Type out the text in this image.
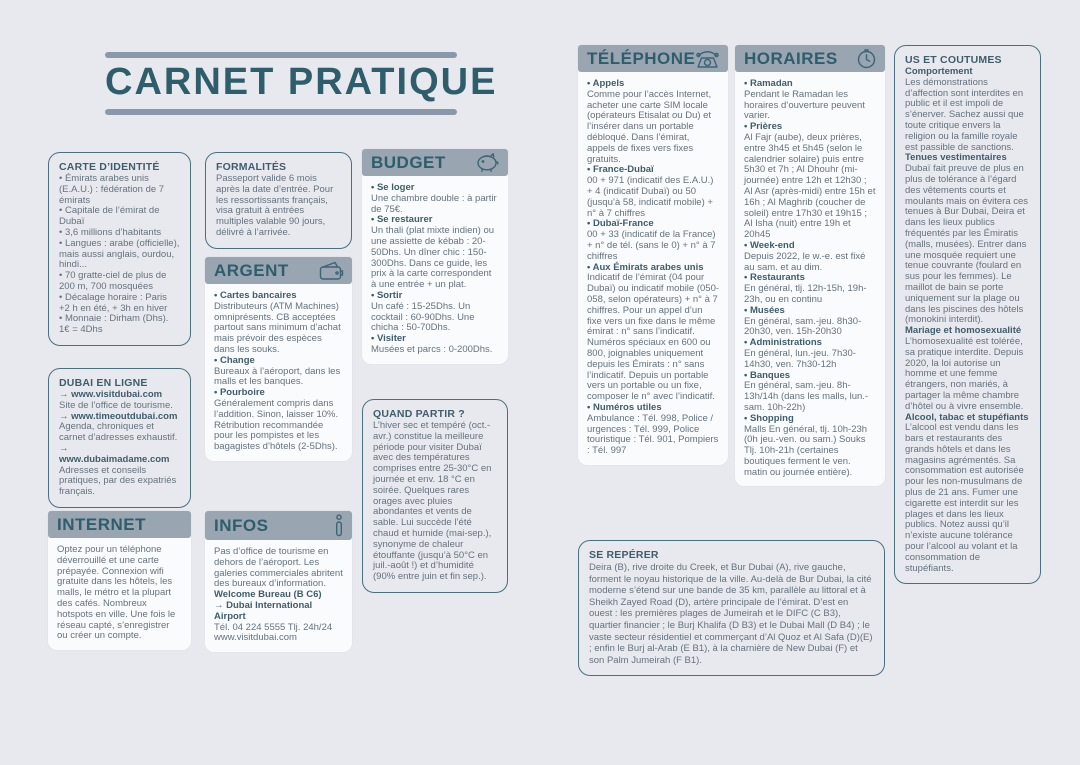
CARNET PRATIQUE
CARTE D’IDENTITÉ

• Émirats arabes unis (E.A.U.) : fédération de 7 émirats

• Capitale de l’émirat de Dubaï

• 3,6 millions d’habitants

• Langues : arabe (officielle), mais aussi anglais, ourdou, hindi...

• 70 gratte-ciel de plus de 200 m, 700 mosquées

• Décalage horaire : Paris +2 h en été, + 3h en hiver

• Monnaie : Dirham (Dhs). 1€ = 4Dhs

DUBAI EN LIGNE

→ www.visitdubai.com

Site de l’office de tourisme.

→ www.timeoutdubai.com

Agenda, chroniques et carnet d’adresses exhaustif.

→ www.dubaimadame.com

Adresses et conseils pratiques, par des expatriés français.

INTERNET

Optez pour un téléphone déverrouillé et une carte prépayée. Connexion wifi gratuite dans les hôtels, les malls, le métro et la plupart des cafés. Nombreux hotspots en ville. Une fois le réseau capté, s’enregistrer ou créer un compte.

FORMALITÉS

Passeport valide 6 mois après la date d’entrée. Pour les ressortissants français, visa gratuit à entrées multiples valable 90 jours, délivré à l’arrivée.

ARGENT

• Cartes bancaires

Distributeurs (ATM Machines) omniprésents. CB acceptées partout sans minimum d’achat mais prévoir des espèces dans les souks.

• Change

Bureaux à l’aéroport, dans les malls et les banques.

• Pourboire

Généralement compris dans l’addition. Sinon, laisser 10%. Rétribution recommandée pour les pompistes et les bagagistes d’hôtels (2-5Dhs).

INFOS

Pas d’office de tourisme en dehors de l’aéroport. Les galeries commerciales abritent des bureaux d’information.

Welcome Bureau (B C6)

→ Dubai International Airport

Tél. 04 224 5555 Tlj. 24h/24

www.visitdubai.com

BUDGET

• Se loger

Une chambre double : à partir de 75€.

• Se restaurer

Un thali (plat mixte indien) ou une assiette de kébab : 20-50Dhs. Un dîner chic : 150-300Dhs. Dans ce guide, les prix à la carte correspondent à une entrée + un plat.

• Sortir

Un café : 15-25Dhs. Un cocktail : 60-90Dhs. Une chicha : 50-70Dhs.

• Visiter

Musées et parcs : 0-200Dhs.

QUAND PARTIR ?

L’hiver sec et tempéré (oct.-avr.) constitue la meilleure période pour visiter Dubaï avec des températures comprises entre 25-30°C en journée et env. 18 °C en soirée. Quelques rares orages avec pluies abondantes et vents de sable. Lui succède l’été chaud et humide (mai-sep.), synonyme de chaleur étouffante (jusqu’à 50°C en juil.-août !) et d’humidité (90% entre juin et fin sep.).

TÉLÉPHONE

• Appels

Comme pour l’accès Internet, acheter une carte SIM locale (opérateurs Etisalat ou Du) et l’insérer dans un portable débloqué. Dans l’émirat, appels de fixes vers fixes gratuits.

• France-Dubaï

00 + 971 (indicatif des E.A.U.) + 4 (indicatif Dubaï) ou 50 (jusqu’à 58, indicatif mobile) + n° à 7 chiffres

• Dubaï-France

00 + 33 (indicatif de la France) + n° de tél. (sans le 0) + n° à 7 chiffres

• Aux Émirats arabes unis

Indicatif de l’émirat (04 pour Dubaï) ou indicatif mobile (050-058, selon opérateurs) + n° à 7 chiffres. Pour un appel d’un fixe vers un fixe dans le même émirat : n° sans l’indicatif. Numéros spéciaux en 600 ou 800, joignables uniquement depuis les Émirats : n° sans l’indicatif. Depuis un portable vers un portable ou un fixe, composer le n° avec l’indicatif.

• Numéros utiles

Ambulance : Tél. 998, Police / urgences : Tél. 999, Police touristique : Tél. 901, Pompiers : Tél. 997

HORAIRES

• Ramadan

Pendant le Ramadan les horaires d’ouverture peuvent varier.

• Prières

Al Fajr (aube), deux prières, entre 3h45 et 5h45 (selon le calendrier solaire) puis entre 5h30 et 7h ; Al Dhouhr (mi-journée) entre 12h et 12h30 ; Al Asr (après-midi) entre 15h et 16h ; Al Maghrib (coucher de soleil) entre 17h30 et 19h15 ; Al Isha (nuit) entre 19h et 20h45

• Week-end

Depuis 2022, le w.-e. est fixé au sam. et au dim.

• Restaurants

En général, tlj. 12h-15h, 19h-23h, ou en continu

• Musées

En général, sam.-jeu. 8h30-20h30, ven. 15h-20h30

• Administrations

En général, lun.-jeu. 7h30-14h30, ven. 7h30-12h

• Banques

En général, sam.-jeu. 8h-13h/14h (dans les malls, lun.-sam. 10h-22h)

• Shopping

Malls En général, tlj. 10h-23h (0h jeu.-ven. ou sam.) Souks Tlj. 10h-21h (certaines boutiques ferment le ven. matin ou journée entière).

US ET COUTUMES

Comportement

Les démonstrations d’affection sont interdites en public et il est impoli de s’énerver. Sachez aussi que toute critique envers la religion ou la famille royale est passible de sanctions.

Tenues vestimentaires

Dubaï fait preuve de plus en plus de tolérance à l’égard des vêtements courts et moulants mais on évitera ces tenues à Bur Dubai, Deira et dans les lieux publics fréquentés par les Émiratis (malls, musées). Entrer dans une mosquée requiert une tenue couvrante (foulard en sus pour les femmes). Le maillot de bain se porte uniquement sur la plage ou dans les piscines des hôtels (monokini interdit).

Mariage et homosexualité

L’homosexualité est tolérée, sa pratique interdite. Depuis 2020, la loi autorise un homme et une femme étrangers, non mariés, à partager la même chambre d’hôtel ou à vivre ensemble.

Alcool, tabac et stupéfiants

L’alcool est vendu dans les bars et restaurants des grands hôtels et dans les magasins agrémentés. Sa consommation est autorisée pour les non-musulmans de plus de 21 ans. Fumer une cigarette est interdit sur les plages et dans les lieux publics. Notez aussi qu’il n’existe aucune tolérance pour l’alcool au volant et la consommation de stupéfiants.

SE REPÉRER

Deira (B), rive droite du Creek, et Bur Dubai (A), rive gauche, forment le noyau historique de la ville. Au-delà de Bur Dubai, la cité moderne s’étend sur une bande de 35 km, parallèle au littoral et à Sheikh Zayed Road (D), artère principale de l’émirat. D’est en ouest : les premières plages de Jumeirah et le DIFC (C B3), quartier financier ; le Burj Khalifa (D B3) et le Dubai Mall (D B4) ; le vaste secteur résidentiel et commerçant d’Al Quoz et Al Safa (D)(E) ; enfin le Burj al-Arab (E B1), à la charnière de New Dubai (F) et son Palm Jumeirah (F B1).
